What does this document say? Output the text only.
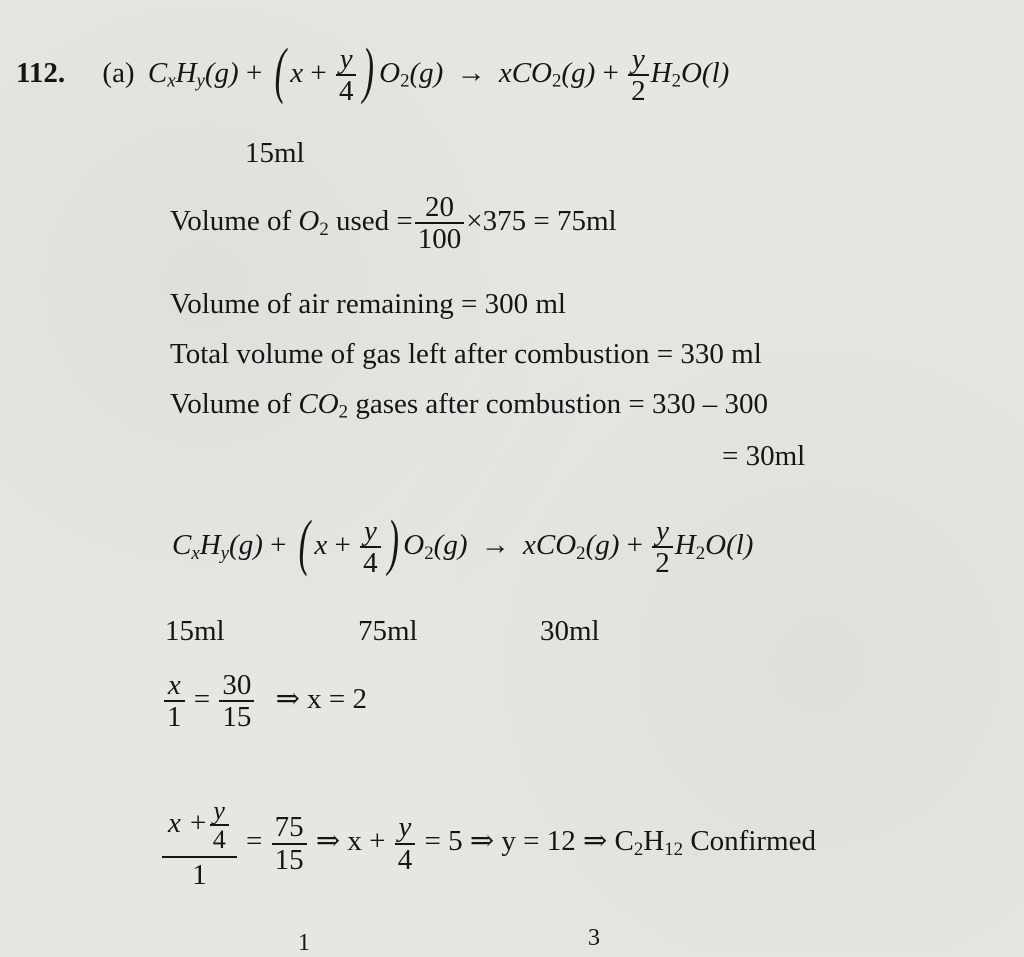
112. (a) $C_xH_y(g)$ + ( $x + \frac{y}{4}$ ) $O_2(g) \to xCO_2(g) + \frac{y}{2} H_2O(l)$
15ml
Volume of $O_2$ used = $\frac{20}{100} \times 375 = 75ml$
Volume of air remaining = 300 ml
Total volume of gas left after combustion = 330 ml
Volume of $CO_2$ gases after combustion = 330 – 300
= 30ml
$C_xH_y(g)$ + ( $x + \frac{y}{4}$ ) $O_2(g) \to xCO_2(g) + \frac{y}{2} H_2O(l)$
15ml	75ml	30ml
$\frac{x}{1} = \frac{30}{15}$ ⇒ x = 2
$\frac{x + \frac{y}{4}}{1} = \frac{75}{15}$ ⇒ $x + \frac{y}{4} = 5$ ⇒ y = 12 ⇒ $C_2H_{12}$ Confirmed
1	3
